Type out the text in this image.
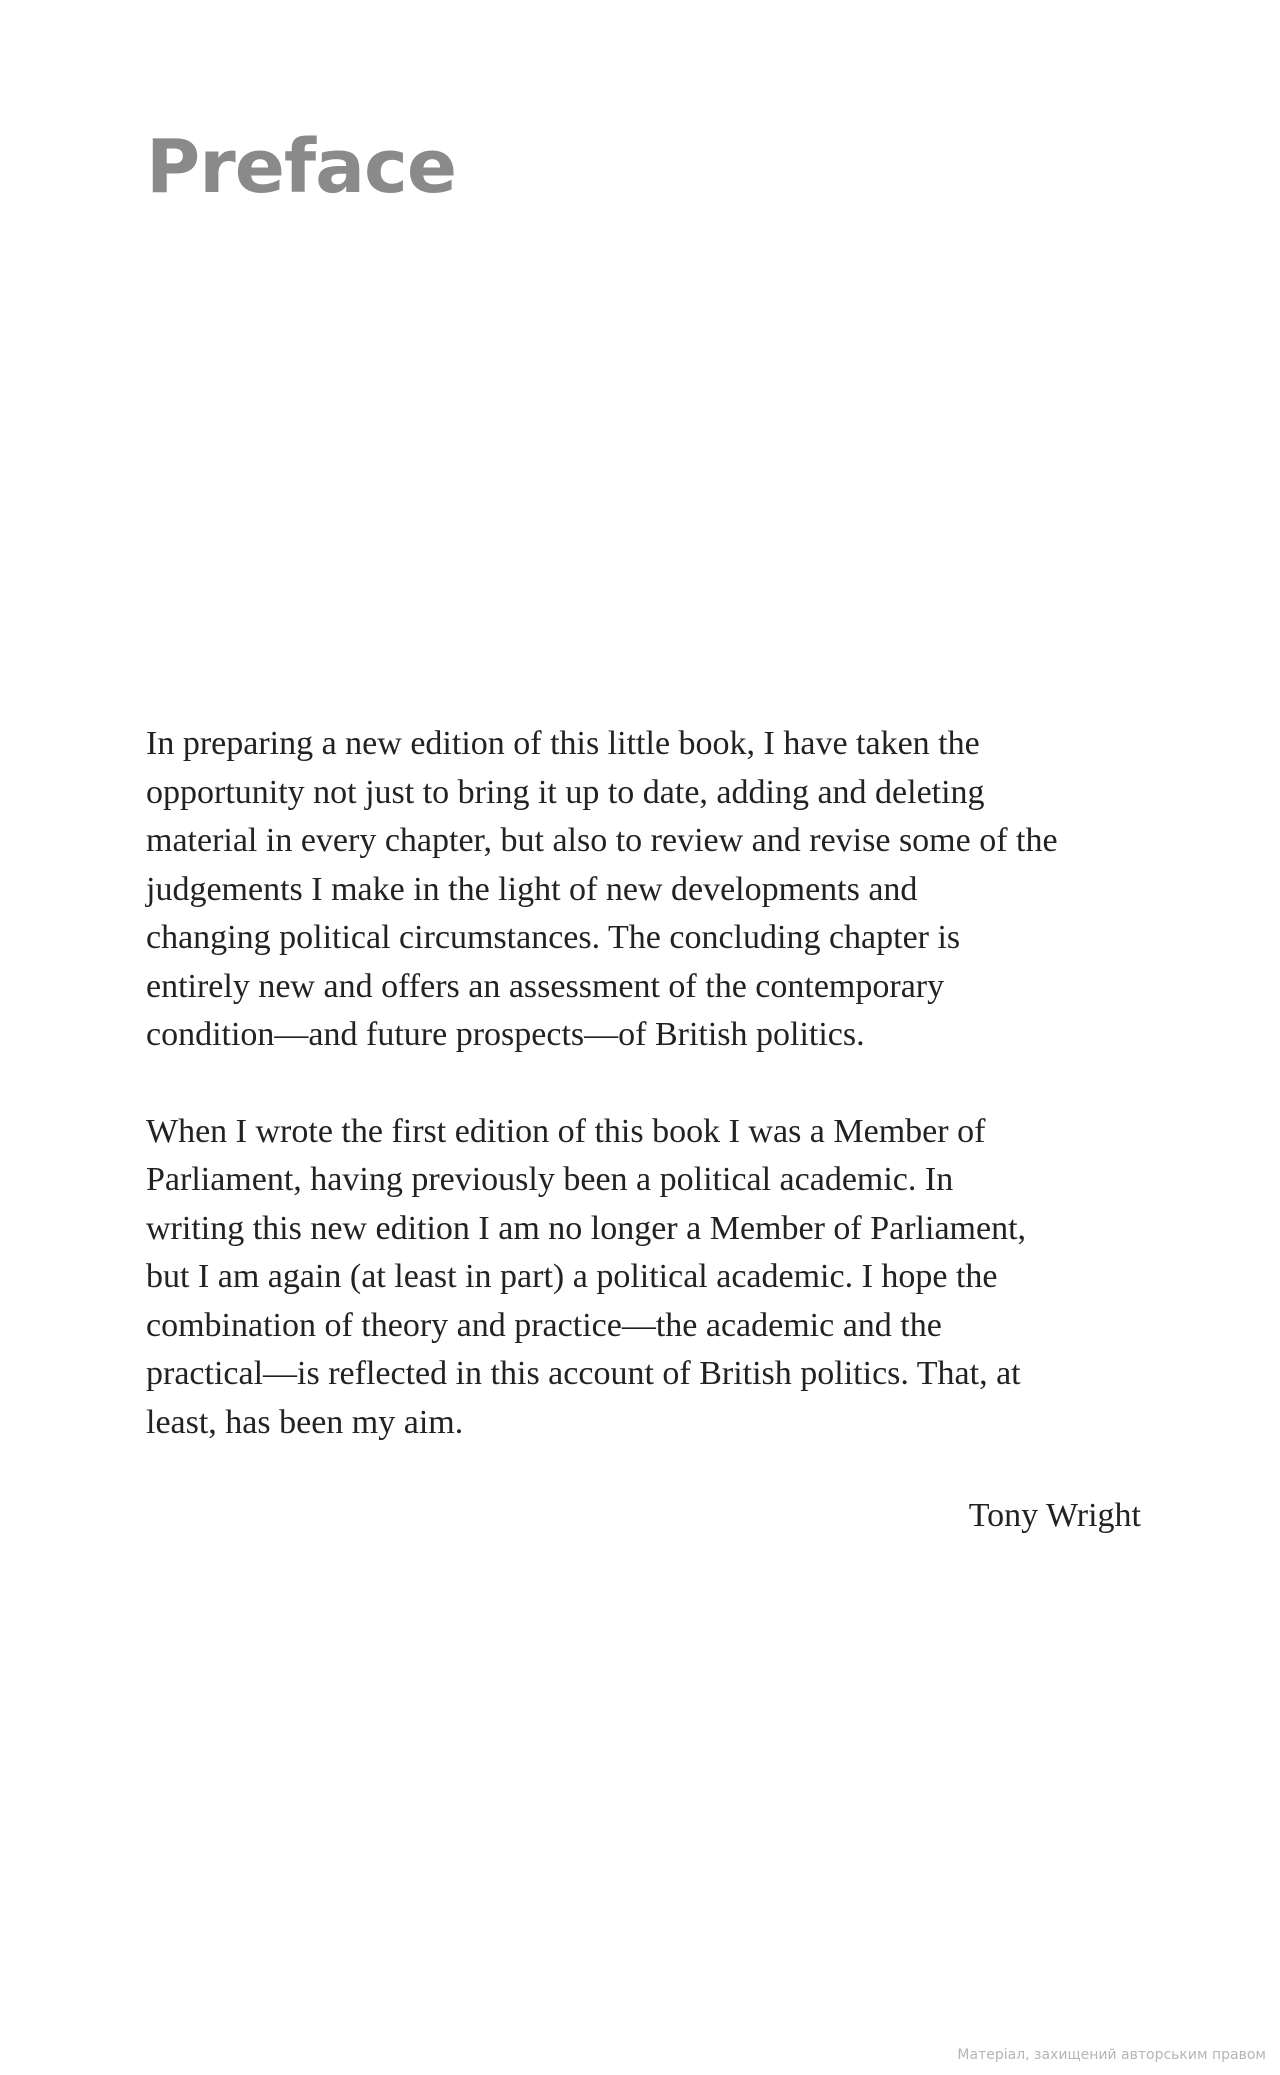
Preface

In preparing a new edition of this little book, I have taken the
opportunity not just to bring it up to date, adding and deleting
material in every chapter, but also to review and revise some of the
judgements I make in the light of new developments and
changing political circumstances. The concluding chapter is
entirely new and offers an assessment of the contemporary
condition—and future prospects—of British politics.

When I wrote the first edition of this book I was a Member of
Parliament, having previously been a political academic. In
writing this new edition I am no longer a Member of Parliament,
but I am again (at least in part) a political academic. I hope the
combination of theory and practice—the academic and the
practical—is reflected in this account of British politics. That, at
least, has been my aim.

Tony Wright
Матеріал, захищений авторським правом
